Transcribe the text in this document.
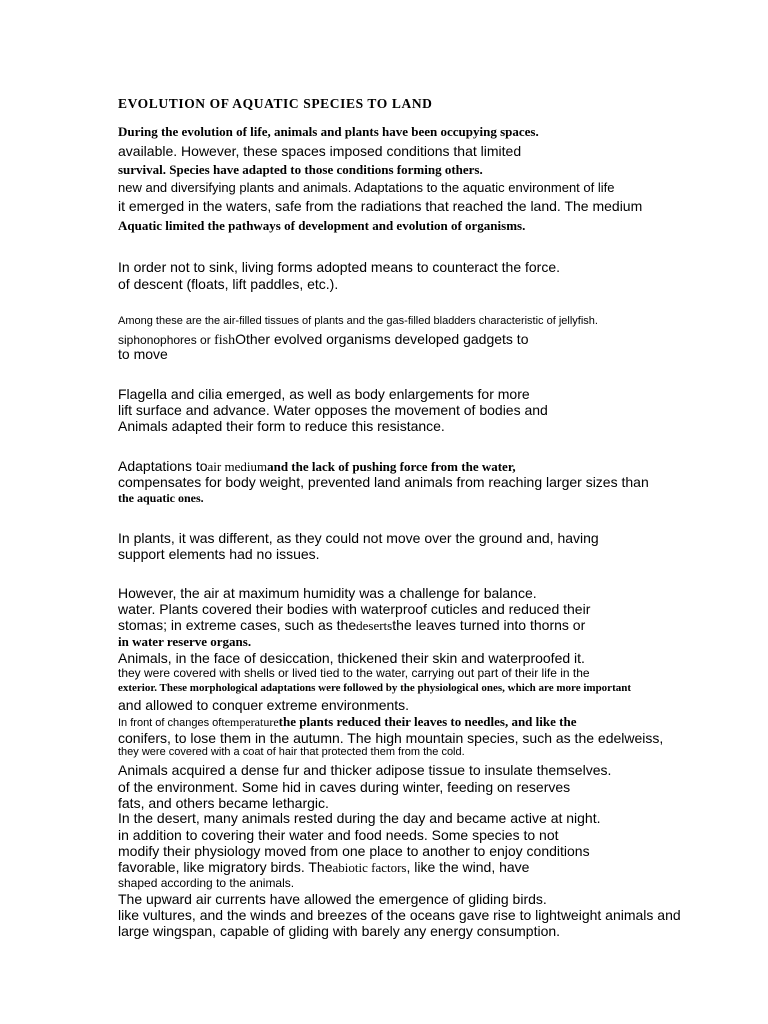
EVOLUTION OF AQUATIC SPECIES TO LAND
During the evolution of life, animals and plants have been occupying spaces.
available. However, these spaces imposed conditions that limited
survival. Species have adapted to those conditions forming others.
new and diversifying plants and animals. Adaptations to the aquatic environment of life
it emerged in the waters, safe from the radiations that reached the land. The medium
Aquatic limited the pathways of development and evolution of organisms.
In order not to sink, living forms adopted means to counteract the force.
of descent (floats, lift paddles, etc.).
Among these are the air-filled tissues of plants and the gas-filled bladders characteristic of jellyfish.
siphonophores or fishOther evolved organisms developed gadgets to
to move
Flagella and cilia emerged, as well as body enlargements for more
lift surface and advance. Water opposes the movement of bodies and
Animals adapted their form to reduce this resistance.
Adaptations toair mediumand the lack of pushing force from the water,
compensates for body weight, prevented land animals from reaching larger sizes than
the aquatic ones.
In plants, it was different, as they could not move over the ground and, having
support elements had no issues.
However, the air at maximum humidity was a challenge for balance.
water. Plants covered their bodies with waterproof cuticles and reduced their
stomas; in extreme cases, such as thedesertsthe leaves turned into thorns or
in water reserve organs.
Animals, in the face of desiccation, thickened their skin and waterproofed it.
they were covered with shells or lived tied to the water, carrying out part of their life in the
exterior. These morphological adaptations were followed by the physiological ones, which are more important
and allowed to conquer extreme environments.
In front of changes oftemperaturethe plants reduced their leaves to needles, and like the
conifers, to lose them in the autumn. The high mountain species, such as the edelweiss,
they were covered with a coat of hair that protected them from the cold.
Animals acquired a dense fur and thicker adipose tissue to insulate themselves.
of the environment. Some hid in caves during winter, feeding on reserves
fats, and others became lethargic.
In the desert, many animals rested during the day and became active at night.
in addition to covering their water and food needs. Some species to not
modify their physiology moved from one place to another to enjoy conditions
favorable, like migratory birds. Theabiotic factors, like the wind, have
shaped according to the animals.
The upward air currents have allowed the emergence of gliding birds.
like vultures, and the winds and breezes of the oceans gave rise to lightweight animals and
large wingspan, capable of gliding with barely any energy consumption.
